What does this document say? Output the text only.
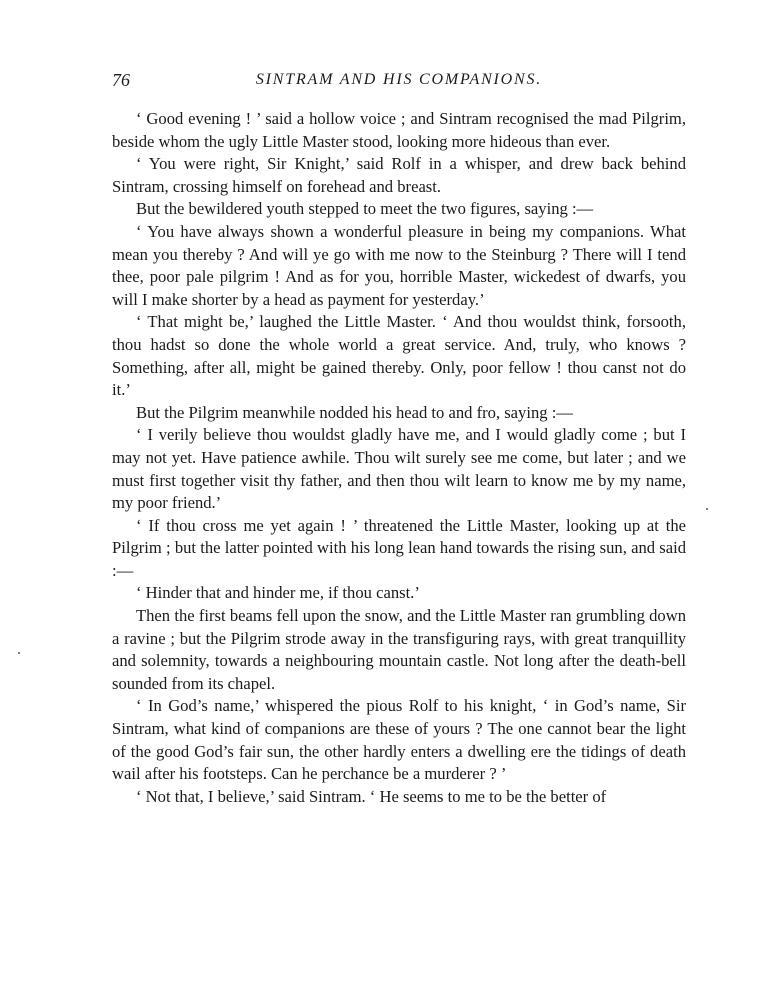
76	SINTRAM AND HIS COMPANIONS.

‘ Good evening ! ’ said a hollow voice ; and Sintram recognised the mad Pilgrim, beside whom the ugly Little Master stood, looking more hideous than ever.

‘ You were right, Sir Knight,’ said Rolf in a whisper, and drew back behind Sintram, crossing himself on forehead and breast.

But the bewildered youth stepped to meet the two figures, saying :—

‘ You have always shown a wonderful pleasure in being my companions. What mean you thereby ? And will ye go with me now to the Steinburg ? There will I tend thee, poor pale pilgrim ! And as for you, horrible Master, wickedest of dwarfs, you will I make shorter by a head as payment for yesterday.’

‘ That might be,’ laughed the Little Master. ‘ And thou wouldst think, forsooth, thou hadst so done the whole world a great service. And, truly, who knows ? Something, after all, might be gained thereby. Only, poor fellow ! thou canst not do it.’

But the Pilgrim meanwhile nodded his head to and fro, saying :—

‘ I verily believe thou wouldst gladly have me, and I would gladly come ; but I may not yet. Have patience awhile. Thou wilt surely see me come, but later ; and we must first together visit thy father, and then thou wilt learn to know me by my name, my poor friend.’

‘ If thou cross me yet again ! ’ threatened the Little Master, looking up at the Pilgrim ; but the latter pointed with his long lean hand towards the rising sun, and said :—

‘ Hinder that and hinder me, if thou canst.’

Then the first beams fell upon the snow, and the Little Master ran grumbling down a ravine ; but the Pilgrim strode away in the transfiguring rays, with great tranquillity and solemnity, towards a neighbouring mountain castle. Not long after the death-bell sounded from its chapel.

‘ In God’s name,’ whispered the pious Rolf to his knight, ‘ in God’s name, Sir Sintram, what kind of companions are these of yours ? The one cannot bear the light of the good God’s fair sun, the other hardly enters a dwelling ere the tidings of death wail after his footsteps. Can he perchance be a murderer ? ’

‘ Not that, I believe,’ said Sintram. ‘ He seems to me to be the better of
